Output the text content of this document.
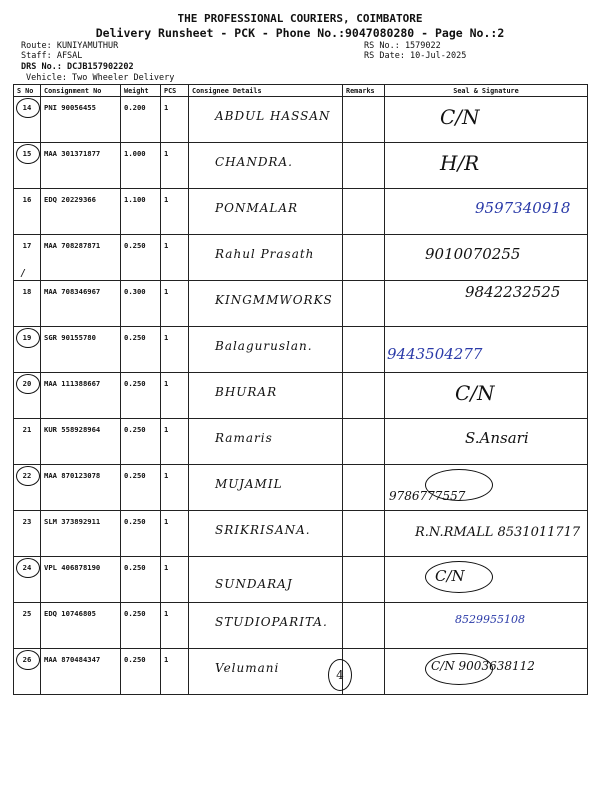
THE PROFESSIONAL COURIERS, COIMBATORE
Delivery Runsheet - PCK - Phone No.:9047080280 - Page No.:2
Route: KUNIYAMUTHUR
Staff: AFSAL
DRS No.: DCJB157902202
Vehicle: Two Wheeler Delivery
RS No.: 1579022
RS Date: 10-Jul-2025
S No	Consignment No	Weight	PCS	Consignee Details	Remarks	Seal & Signature

14	PNI 90056455	0.200	1	ABDUL HASSAN		C/N

15	MAA 301371877	1.000	1	CHANDRA.		H/R

16	EDQ 20229366	1.100	1	PONMALAR		9597340918

/
17	MAA 708287871	0.250	1	Rahul Prasath		9010070255

18	MAA 708346967	0.300	1	KINGMMWORKS		9842232525

19	SGR 90155780	0.250	1	Balaguruslan.		9443504277

20	MAA 111388667	0.250	1	BHURAR		C/N

21	KUR 558928964	0.250	1	Ramaris		S.Ansari

22	MAA 870123078	0.250	1	MUJAMIL		9786777557

23	SLM 373892911	0.250	1	SRIKRISANA.		R.N.RMALL 8531011717

24	VPL 406878190	0.250	1	SUNDARAJ		C/N

25	EDQ 10746805	0.250	1	STUDIOPARITA.		8529955108

26	MAA 870484347	0.250	1	Velumani		C/N 9003638112
4
